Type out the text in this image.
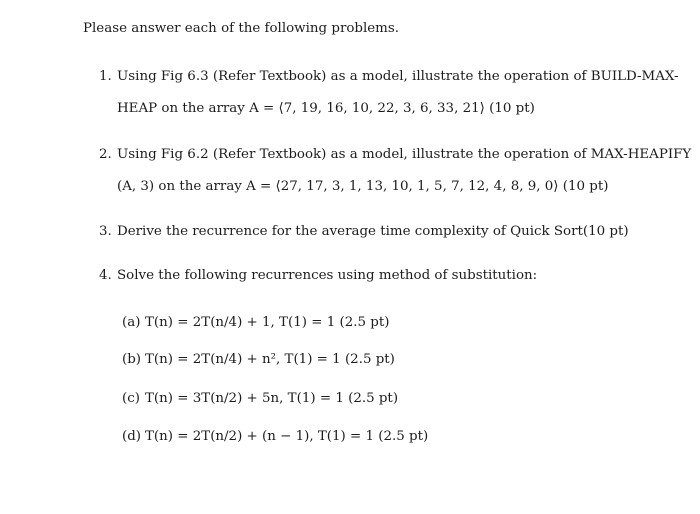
Please answer each of the following problems.
1. Using Fig 6.3 (Refer Textbook) as a model, illustrate the operation of BUILD-MAX-
HEAP on the array A = ⟨7, 19, 16, 10, 22, 3, 6, 33, 21⟩ (10 pt)
2. Using Fig 6.2 (Refer Textbook) as a model, illustrate the operation of MAX-HEAPIFY
(A, 3) on the array A = ⟨27, 17, 3, 1, 13, 10, 1, 5, 7, 12, 4, 8, 9, 0⟩ (10 pt)
3. Derive the recurrence for the average time complexity of Quick Sort(10 pt)
4. Solve the following recurrences using method of substitution:
(a) T(n) = 2T(n/4) + 1, T(1) = 1 (2.5 pt)
(b) T(n) = 2T(n/4) + n², T(1) = 1 (2.5 pt)
(c) T(n) = 3T(n/2) + 5n, T(1) = 1 (2.5 pt)
(d) T(n) = 2T(n/2) + (n − 1), T(1) = 1 (2.5 pt)
